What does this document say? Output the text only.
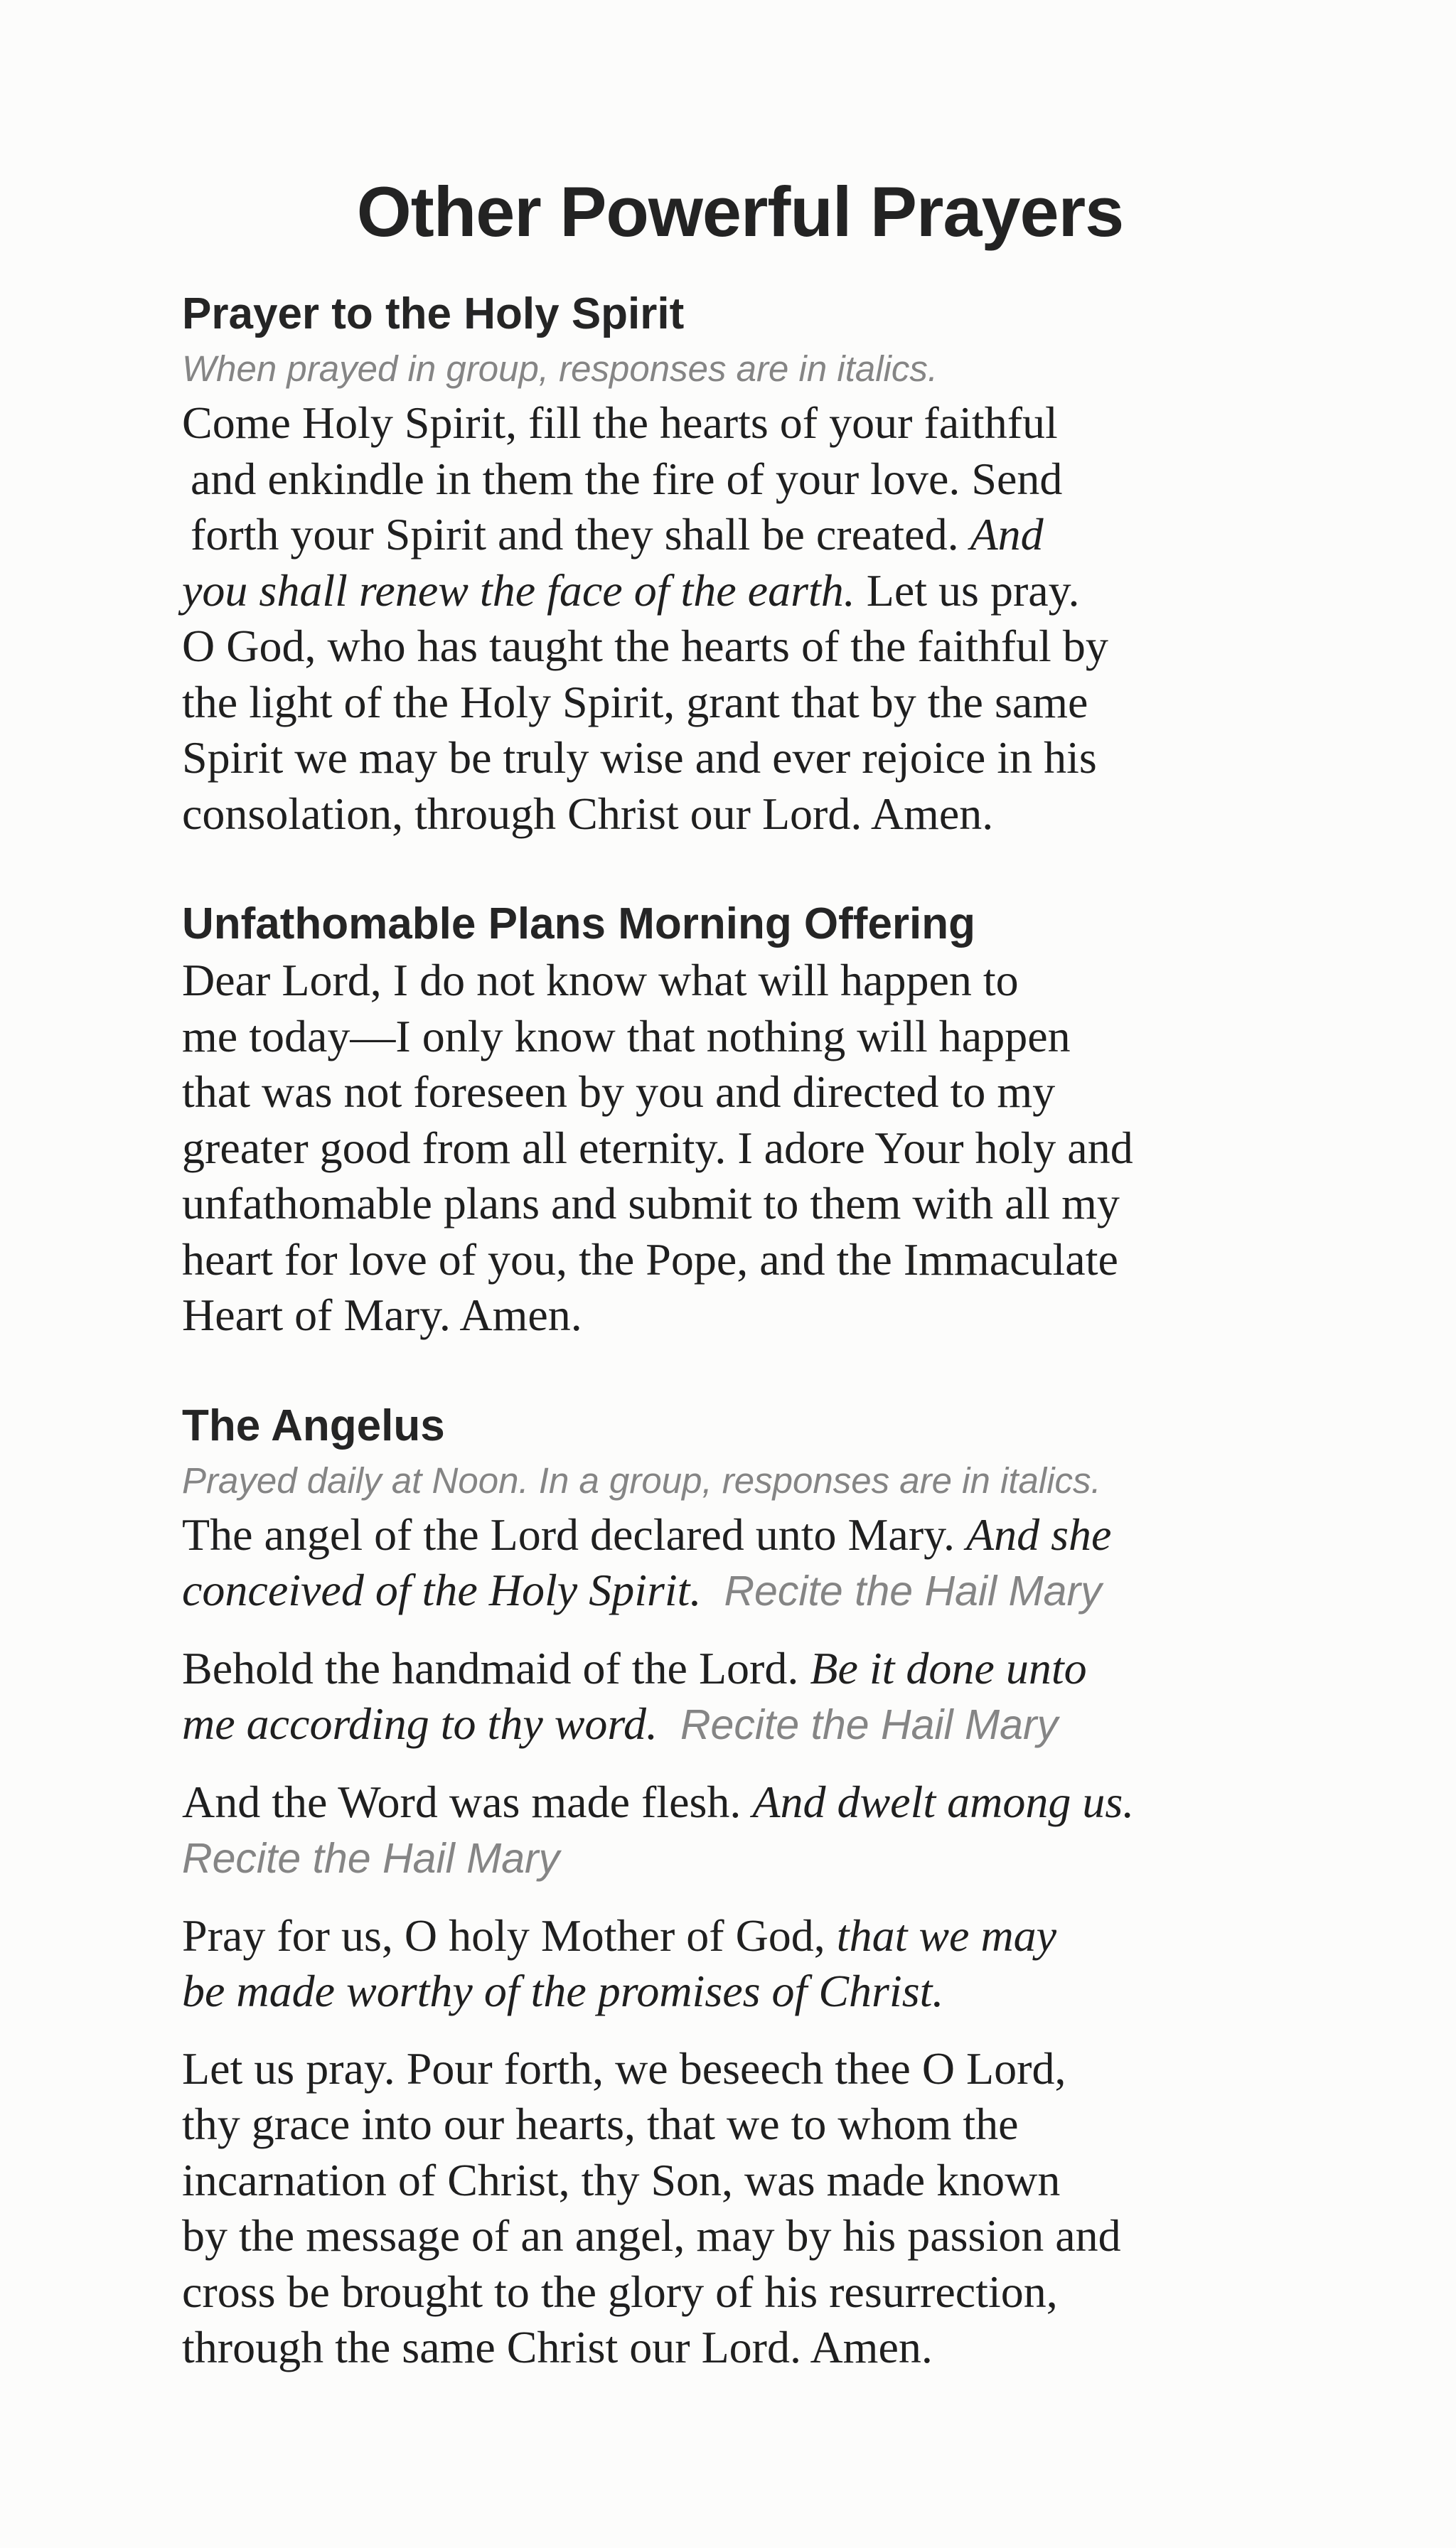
Other Powerful Prayers
Prayer to the Holy Spirit

When prayed in group, responses are in italics.

Come Holy Spirit, fill the hearts of your faithful
and enkindle in them the fire of your love. Send
forth your Spirit and they shall be created. And
you shall renew the face of the earth. Let us pray.
O God, who has taught the hearts of the faithful by
the light of the Holy Spirit, grant that by the same
Spirit we may be truly wise and ever rejoice in his
consolation, through Christ our Lord. Amen.

Unfathomable Plans Morning Offering

Dear Lord, I do not know what will happen to
me today—I only know that nothing will happen
that was not foreseen by you and directed to my
greater good from all eternity. I adore Your holy and
unfathomable plans and submit to them with all my
heart for love of you, the Pope, and the Immaculate
Heart of Mary. Amen.

The Angelus

Prayed daily at Noon. In a group, responses are in italics.

The angel of the Lord declared unto Mary. And she
conceived of the Holy Spirit. Recite the Hail Mary

Behold the handmaid of the Lord. Be it done unto
me according to thy word. Recite the Hail Mary

And the Word was made flesh. And dwelt among us.
Recite the Hail Mary

Pray for us, O holy Mother of God, that we may
be made worthy of the promises of Christ.

Let us pray. Pour forth, we beseech thee O Lord,
thy grace into our hearts, that we to whom the
incarnation of Christ, thy Son, was made known
by the message of an angel, may by his passion and
cross be brought to the glory of his resurrection,
through the same Christ our Lord. Amen.
